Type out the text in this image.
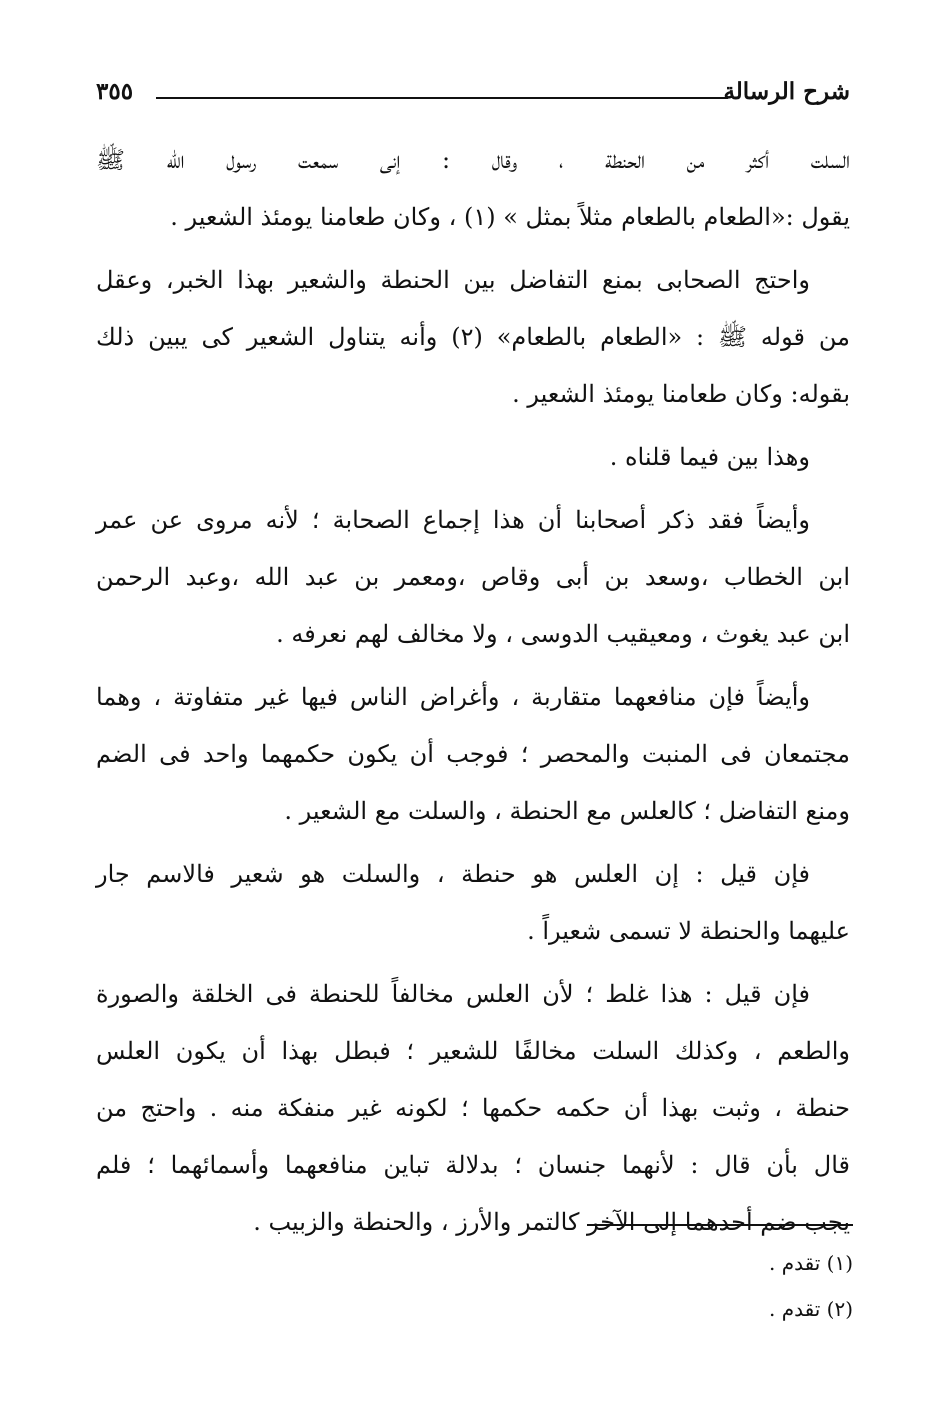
شرح الرسالة
٣٥٥
السلت أكثر من الحنطة ، وقال : إنى سمعت رسول الله ﷺ
يقول :«الطعام بالطعام مثلاً بمثل » (١) ، وكان طعامنا يومئذ الشعير .
واحتج الصحابى بمنع التفاضل بين الحنطة والشعير بهذا الخبر، وعقل
من قوله ﷺ : «الطعام بالطعام» (٢) وأنه يتناول الشعير كى يبين ذلك
بقوله: وكان طعامنا يومئذ الشعير .
وهذا بين فيما قلناه .
وأيضاً فقد ذكر أصحابنا أن هذا إجماع الصحابة ؛ لأنه مروى عن عمر
ابن الخطاب ،وسعد بن أبى وقاص ،ومعمر بن عبد الله ،وعبد الرحمن
ابن عبد يغوث ، ومعيقيب الدوسى ، ولا مخالف لهم نعرفه .
وأيضاً فإن منافعهما متقاربة ، وأغراض الناس فيها غير متفاوتة ، وهما
مجتمعان فى المنبت والمحصر ؛ فوجب أن يكون حكمهما واحد فى الضم
ومنع التفاضل ؛ كالعلس مع الحنطة ، والسلت مع الشعير .
فإن قيل : إن العلس هو حنطة ، والسلت هو شعير فالاسم جار
عليهما والحنطة لا تسمى شعيراً .
فإن قيل : هذا غلط ؛ لأن العلس مخالفاً للحنطة فى الخلقة والصورة
والطعم ، وكذلك السلت مخالفًا للشعير ؛ فبطل بهذا أن يكون العلس
حنطة ، وثبت بهذا أن حكمه حكمها ؛ لكونه غير منفكة منه . واحتج من
قال بأن قال : لأنهما جنسان ؛ بدلالة تباين منافعهما وأسمائهما ؛ فلم
يجب ضم أحدهما إلى الآخر كالتمر والأرز ، والحنطة والزبيب .
(١) تقدم .
(٢) تقدم .
